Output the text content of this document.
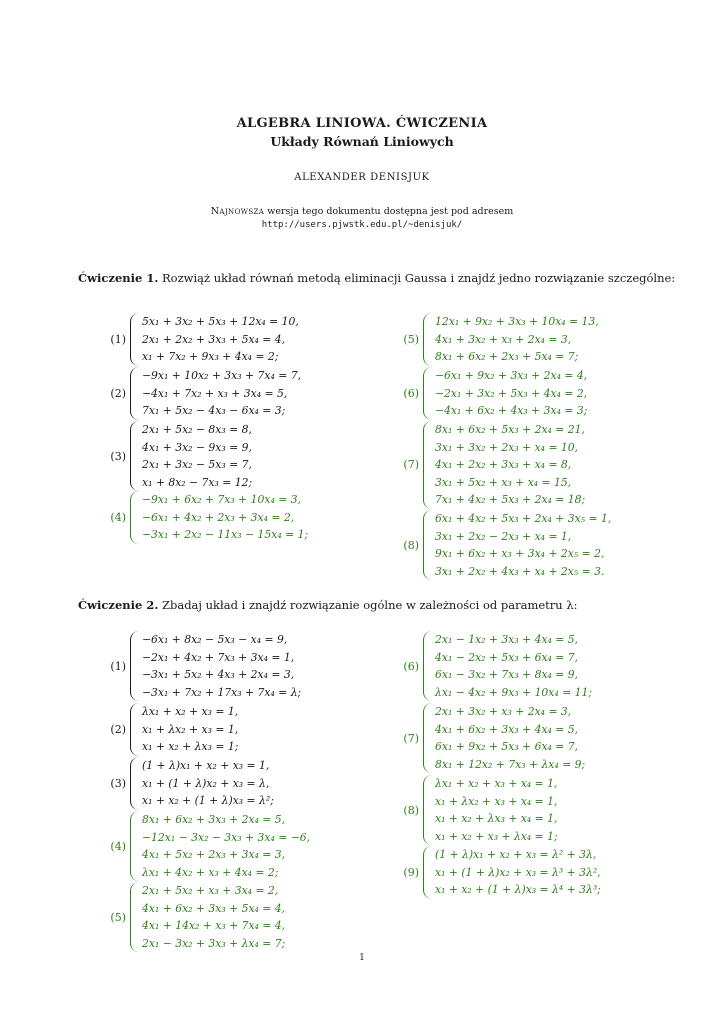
ALGEBRA LINIOWA. ĆWICZENIA
Układy Równań Liniowych
ALEXANDER DENISJUK
Najnowsza wersja tego dokumentu dostępna jest pod adresem
http://users.pjwstk.edu.pl/~denisjuk/
Ćwiczenie 1. Rozwiąż układ równań metodą eliminacji Gaussa i znajdź jedno rozwiązanie szczególne:
Ćwiczenie 2. Zbadaj układ i znajdź rozwiązanie ogólne w zależności od parametru λ:
(1)
5x₁ + 3x₂ + 5x₃ + 12x₄ = 10,
2x₁ + 2x₂ + 3x₃ + 5x₄ = 4,
x₁ + 7x₂ + 9x₃ + 4x₄ = 2;
(2)
−9x₁ + 10x₂ + 3x₃ + 7x₄ = 7,
−4x₁ + 7x₂ + x₃ + 3x₄ = 5,
7x₁ + 5x₂ − 4x₃ − 6x₄ = 3;
(3)
2x₁ + 5x₂ − 8x₃ = 8,
4x₁ + 3x₂ − 9x₃ = 9,
2x₁ + 3x₂ − 5x₃ = 7,
x₁ + 8x₂ − 7x₃ = 12;
(4)
−9x₁ + 6x₂ + 7x₃ + 10x₄ = 3,
−6x₁ + 4x₂ + 2x₃ + 3x₄ = 2,
−3x₁ + 2x₂ − 11x₃ − 15x₄ = 1;
(5)
12x₁ + 9x₂ + 3x₃ + 10x₄ = 13,
4x₁ + 3x₂ + x₃ + 2x₄ = 3,
8x₁ + 6x₂ + 2x₃ + 5x₄ = 7;
(6)
−6x₁ + 9x₂ + 3x₃ + 2x₄ = 4,
−2x₁ + 3x₂ + 5x₃ + 4x₄ = 2,
−4x₁ + 6x₂ + 4x₃ + 3x₄ = 3;
(7)
8x₁ + 6x₂ + 5x₃ + 2x₄ = 21,
3x₁ + 3x₂ + 2x₃ + x₄ = 10,
4x₁ + 2x₂ + 3x₃ + x₄ = 8,
3x₁ + 5x₂ + x₃ + x₄ = 15,
7x₁ + 4x₂ + 5x₃ + 2x₄ = 18;
(8)
6x₁ + 4x₂ + 5x₃ + 2x₄ + 3x₅ = 1,
3x₁ + 2x₂ − 2x₃ + x₄ = 1,
9x₁ + 6x₂ + x₃ + 3x₄ + 2x₅ = 2,
3x₁ + 2x₂ + 4x₃ + x₄ + 2x₅ = 3.
(1)
−6x₁ + 8x₂ − 5x₃ − x₄ = 9,
−2x₁ + 4x₂ + 7x₃ + 3x₄ = 1,
−3x₁ + 5x₂ + 4x₃ + 2x₄ = 3,
−3x₁ + 7x₂ + 17x₃ + 7x₄ = λ;
(2)
λx₁ + x₂ + x₃ = 1,
x₁ + λx₂ + x₃ = 1,
x₁ + x₂ + λx₃ = 1;
(3)
(1 + λ)x₁ + x₂ + x₃ = 1,
x₁ + (1 + λ)x₂ + x₃ = λ,
x₁ + x₂ + (1 + λ)x₃ = λ²;
(4)
8x₁ + 6x₂ + 3x₃ + 2x₄ = 5,
−12x₁ − 3x₂ − 3x₃ + 3x₄ = −6,
4x₁ + 5x₂ + 2x₃ + 3x₄ = 3,
λx₁ + 4x₂ + x₃ + 4x₄ = 2;
(5)
2x₁ + 5x₂ + x₃ + 3x₄ = 2,
4x₁ + 6x₂ + 3x₃ + 5x₄ = 4,
4x₁ + 14x₂ + x₃ + 7x₄ = 4,
2x₁ − 3x₂ + 3x₃ + λx₄ = 7;
(6)
2x₁ − 1x₂ + 3x₃ + 4x₄ = 5,
4x₁ − 2x₂ + 5x₃ + 6x₄ = 7,
6x₁ − 3x₂ + 7x₃ + 8x₄ = 9,
λx₁ − 4x₂ + 9x₃ + 10x₄ = 11;
(7)
2x₁ + 3x₂ + x₃ + 2x₄ = 3,
4x₁ + 6x₂ + 3x₃ + 4x₄ = 5,
6x₁ + 9x₂ + 5x₃ + 6x₄ = 7,
8x₁ + 12x₂ + 7x₃ + λx₄ = 9;
(8)
λx₁ + x₂ + x₃ + x₄ = 1,
x₁ + λx₂ + x₃ + x₄ = 1,
x₁ + x₂ + λx₃ + x₄ = 1,
x₁ + x₂ + x₃ + λx₄ = 1;
(9)
(1 + λ)x₁ + x₂ + x₃ = λ² + 3λ,
x₁ + (1 + λ)x₂ + x₃ = λ³ + 3λ²,
x₁ + x₂ + (1 + λ)x₃ = λ⁴ + 3λ³;
1
